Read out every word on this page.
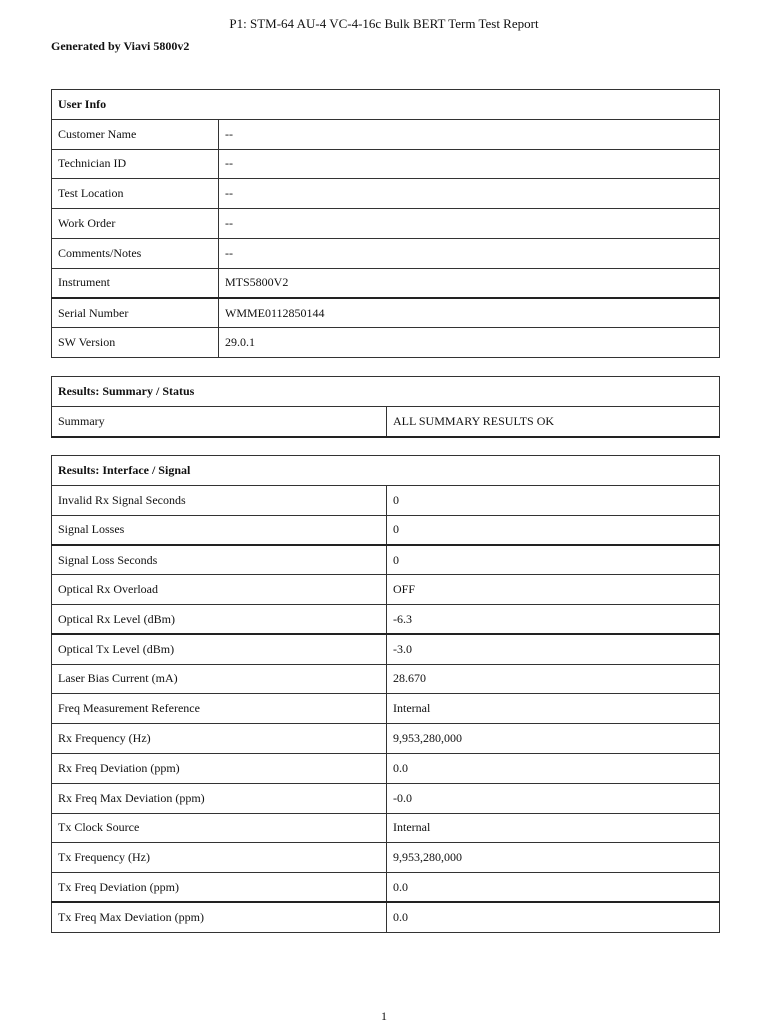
P1: STM-64 AU-4 VC-4-16c Bulk BERT Term Test Report
Generated by Viavi 5800v2
User Info	
Customer Name	--
Technician ID	--
Test Location	--
Work Order	--
Comments/Notes	--
Instrument	MTS5800V2
Serial Number	WMME0112850144
SW Version	29.0.1
Results: Summary / Status
Summary	ALL SUMMARY RESULTS OK
Results: Interface / Signal	
Invalid Rx Signal Seconds	0
Signal Losses	0
Signal Loss Seconds	0
Optical Rx Overload	OFF
Optical Rx Level (dBm)	-6.3
Optical Tx Level (dBm)	-3.0
Laser Bias Current (mA)	28.670
Freq Measurement Reference	Internal
Rx Frequency (Hz)	9,953,280,000
Rx Freq Deviation (ppm)	0.0
Rx Freq Max Deviation (ppm)	-0.0
Tx Clock Source	Internal
Tx Frequency (Hz)	9,953,280,000
Tx Freq Deviation (ppm)	0.0
Tx Freq Max Deviation (ppm)	0.0
1
